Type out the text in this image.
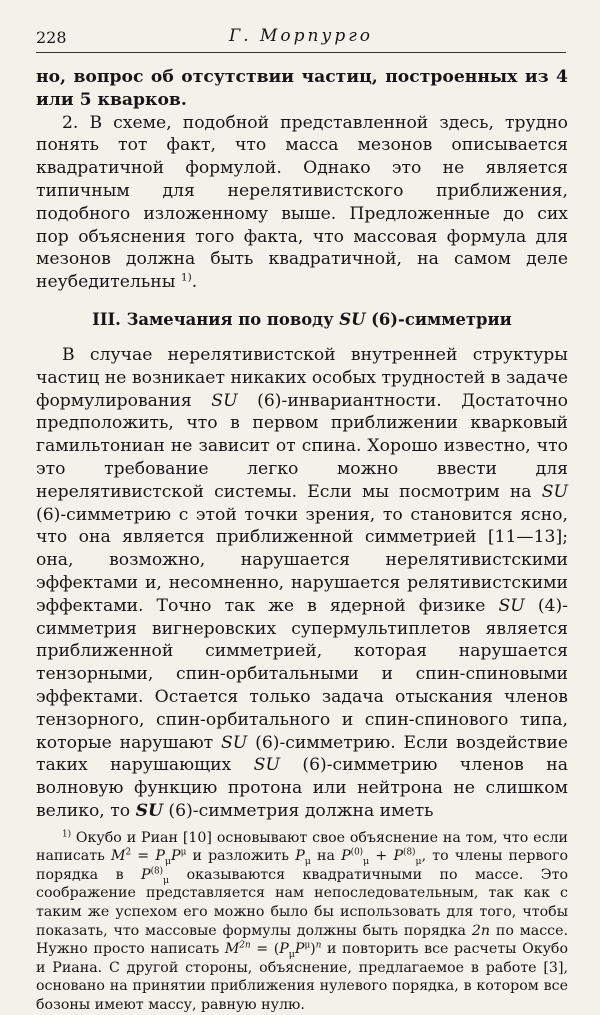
228	Г. Морпурго

но, вопрос об отсутствии частиц, построенных из 4 или 5 кварков.

2. В схеме, подобной представленной здесь, трудно понять тот факт, что масса мезонов описывается квадратичной формулой. Однако это не является типичным для нерелятивистского приближения, подобного изложенному выше. Предложенные до сих пор объяснения того факта, что массовая формула для мезонов должна быть квадратичной, на самом деле неубедительны $^{1)}$.

III. Замечания по поводу SU (6)-симметрии

В случае нерелятивистской внутренней структуры частиц не возникает никаких особых трудностей в задаче формулирования SU (6)-инвариантности. Достаточно предположить, что в первом приближении кварковый гамильтониан не зависит от спина. Хорошо известно, что это требование легко можно ввести для нерелятивистской системы. Если мы посмотрим на SU (6)-симметрию с этой точки зрения, то становится ясно, что она является приближенной симметрией [11—13]; она, возможно, нарушается нерелятивистскими эффектами и, несомненно, нарушается релятивистскими эффектами. Точно так же в ядерной физике SU (4)-симметрия вигнеровских супермультиплетов является приближенной симметрией, которая нарушается тензорными, спин-орбитальными и спин-спиновыми эффектами. Остается только задача отыскания членов тензорного, спин-орбитального и спин-спинового типа, которые нарушают SU (6)-симметрию. Если воздействие таких нарушающих SU (6)-симметрию членов на волновую функцию протона или нейтрона не слишком велико, то SU (6)-симметрия должна иметь

$^{1)}$ Окубо и Риан [10] основывают свое объяснение на том, что если написать $M^2 = P_\mu P^\mu$ и разложить $P_\mu$ на $P^{(0)}_\mu + P^{(8)}_\mu$, то члены первого порядка в $P^{(8)}_\mu$ оказываются квадратичными по массе. Это соображение представляется нам непоследовательным, так как с таким же успехом его можно было бы использовать для того, чтобы показать, что массовые формулы должны быть порядка 2n по массе. Нужно просто написать $M^{2n} = (P_\mu P^\mu)^n$ и повторить все расчеты Окубо и Риана. С другой стороны, объяснение, предлагаемое в работе [3], основано на принятии приближения нулевого порядка, в котором все бозоны имеют массу, равную нулю.
